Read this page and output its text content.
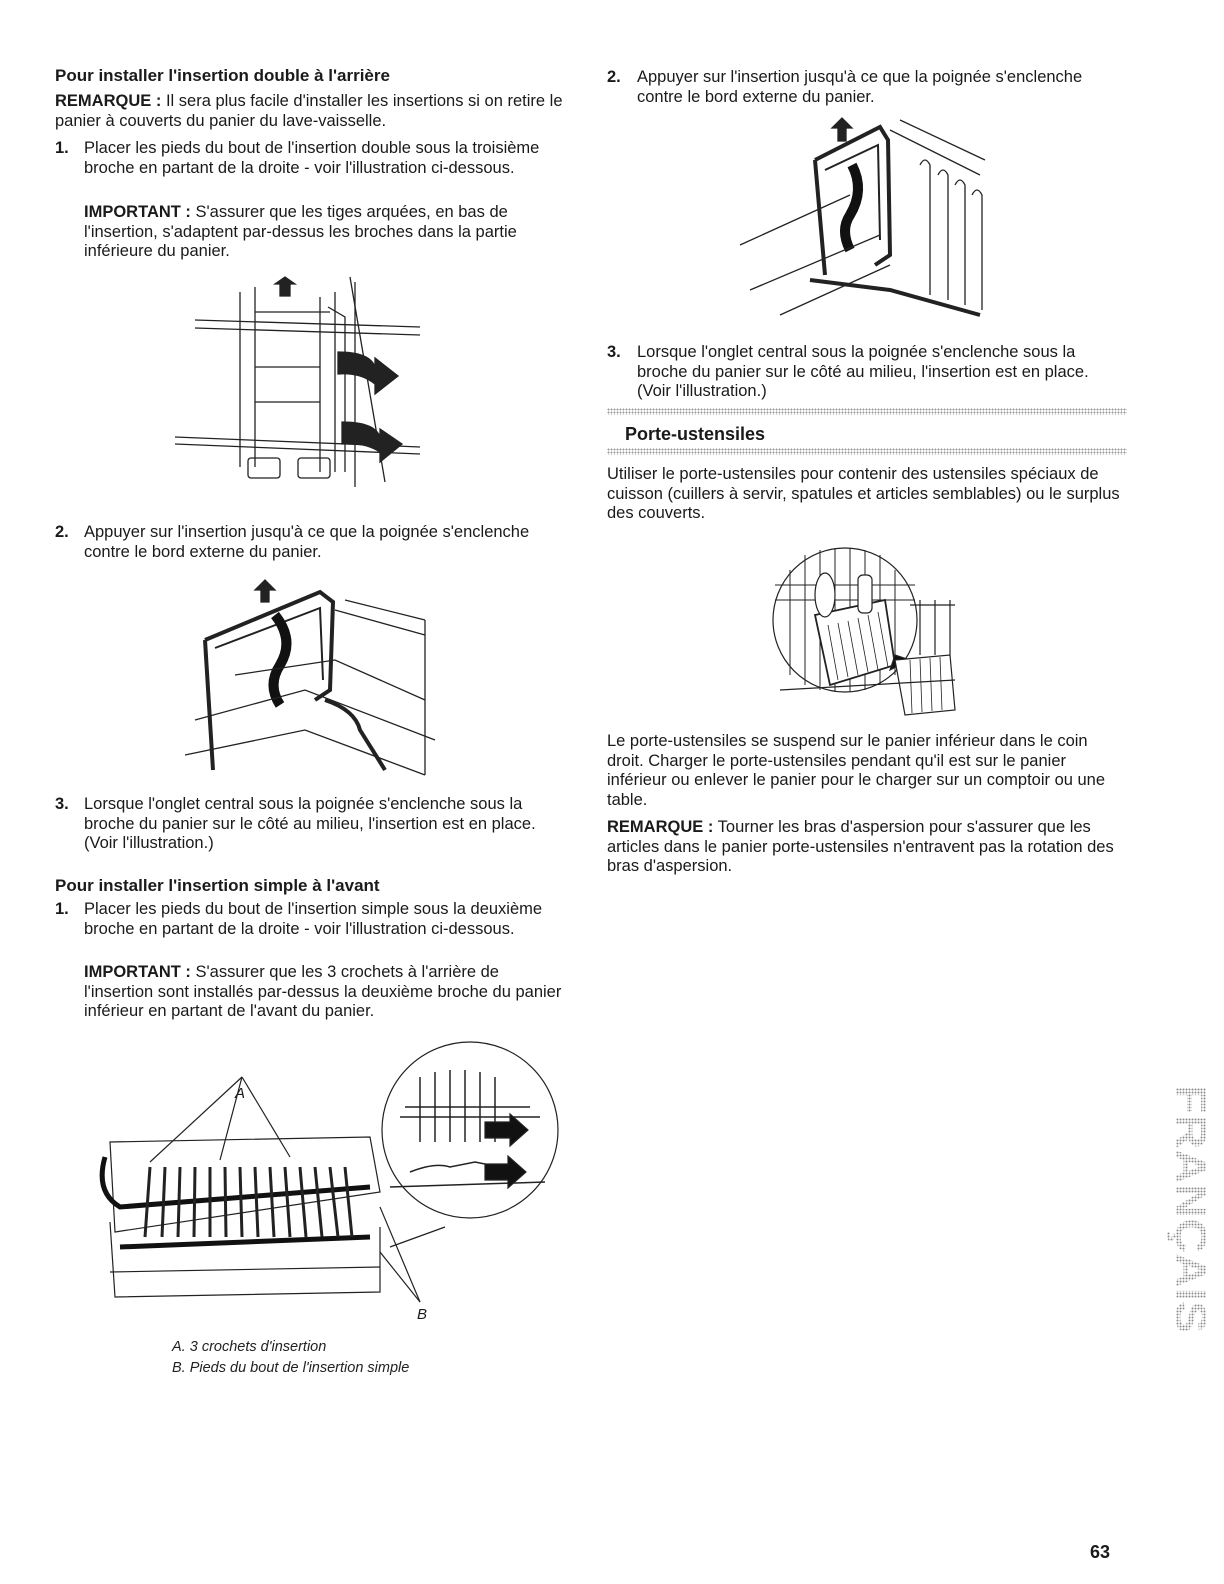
Pour installer l'insertion double à l'arrière

REMARQUE : Il sera plus facile d'installer les insertions si on retire le panier à couverts du panier du lave-vaisselle.

1. Placer les pieds du bout de l'insertion double sous la troisième broche en partant de la droite - voir l'illustration ci-dessous.

IMPORTANT : S'assurer que les tiges arquées, en bas de l'insertion, s'adaptent par-dessus les broches dans la partie inférieure du panier.

2. Appuyer sur l'insertion jusqu'à ce que la poignée s'enclenche contre le bord externe du panier.

3. Lorsque l'onglet central sous la poignée s'enclenche sous la broche du panier sur le côté au milieu, l'insertion est en place. (Voir l'illustration.)

Pour installer l'insertion simple à l'avant
1. Placer les pieds du bout de l'insertion simple sous la deuxième broche en partant de la droite - voir l'illustration ci-dessous.

IMPORTANT : S'assurer que les 3 crochets à l'arrière de l'insertion sont installés par-dessus la deuxième broche du panier inférieur en partant de l'avant du panier.

A
B
A. 3 crochets d'insertion
B. Pieds du bout de l'insertion simple
2. Appuyer sur l'insertion jusqu'à ce que la poignée s'enclenche contre le bord externe du panier.

3. Lorsque l'onglet central sous la poignée s'enclenche sous la broche du panier sur le côté au milieu, l'insertion est en place. (Voir l'illustration.)

Porte-ustensiles

Utiliser le porte-ustensiles pour contenir des ustensiles spéciaux de cuisson (cuillers à servir, spatules et articles semblables) ou le surplus des couverts.

Le porte-ustensiles se suspend sur le panier inférieur dans le coin droit. Charger le porte-ustensiles pendant qu'il est sur le panier inférieur ou enlever le panier pour le charger sur un comptoir ou une table.

REMARQUE : Tourner les bras d'aspersion pour s'assurer que les articles dans le panier porte-ustensiles n'entravent pas la rotation des bras d'aspersion.

FRANÇAIS
63
